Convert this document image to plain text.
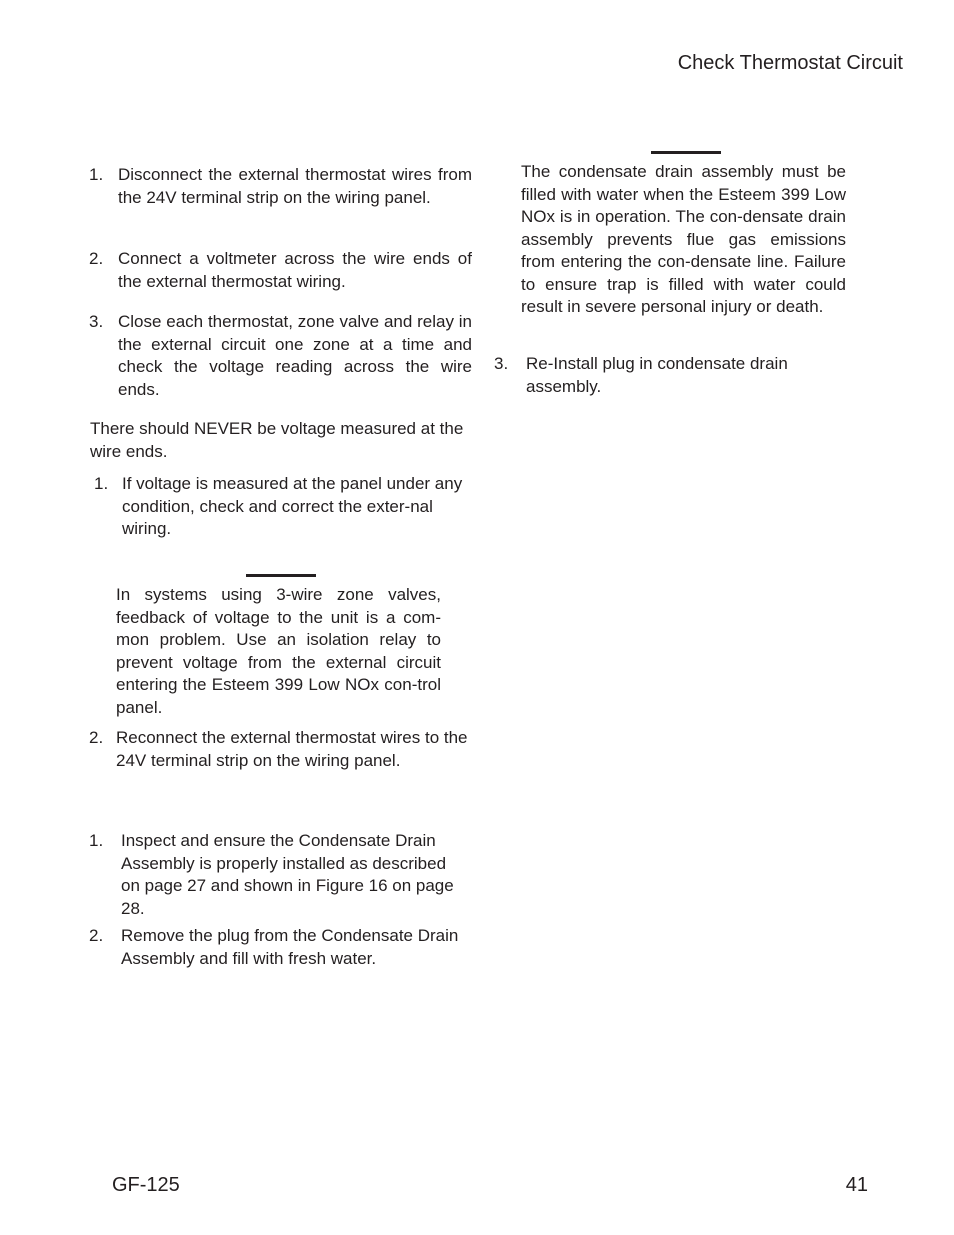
Check Thermostat Circuit
1. Disconnect the external thermostat wires from the 24V terminal strip on the wiring panel.
2. Connect a voltmeter across the wire ends of the external thermostat wiring.
3. Close each thermostat, zone valve and relay in the external circuit one zone at a time and check the voltage reading across the wire ends.
There should NEVER be voltage measured at the wire ends.
1. If voltage is measured at the panel under any condition, check and correct the exter-nal wiring.
In systems using 3-wire zone valves, feedback of voltage to the unit is a com-mon problem. Use an isolation relay to prevent voltage from the external circuit entering the Esteem 399 Low NOx con-trol panel.
2. Reconnect the external thermostat wires to the 24V terminal strip on the wiring panel.
1. Inspect and ensure the Condensate Drain Assembly is properly installed as described on page 27 and shown in Figure 16 on page 28.
2. Remove the plug from the Condensate Drain Assembly and fill with fresh water.
The condensate drain assembly must be filled with water when the Esteem 399 Low NOx is in operation. The con-densate drain assembly prevents flue gas emissions from entering the con-densate line. Failure to ensure trap is filled with water could result in severe personal injury or death.
3. Re-Install plug in condensate drain assembly.
GF-125	41
